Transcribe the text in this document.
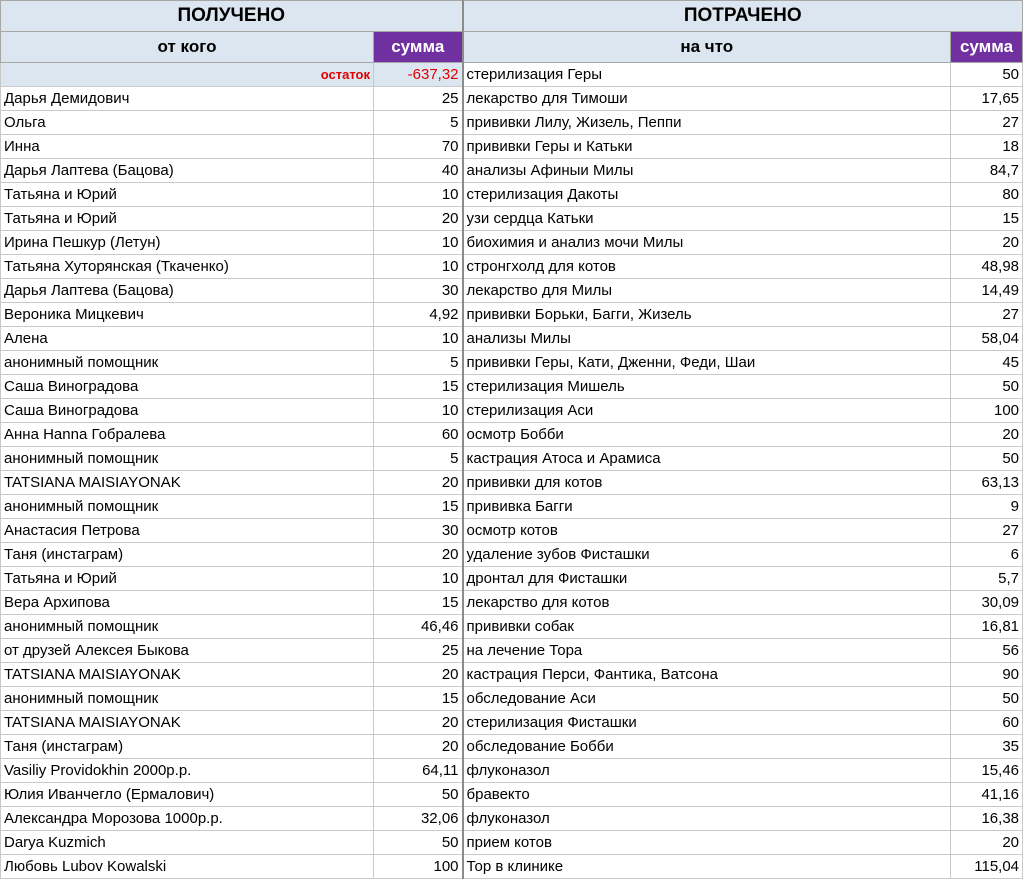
ПОЛУЧЕНО		ПОТРАЧЕНО	
от кого	сумма	на что	сумма
остаток	-637,32	стерилизация Геры	50
Дарья Демидович	25	лекарство для Тимоши	17,65
Ольга	5	прививки Лилу, Жизель, Пеппи	27
Инна	70	прививки Геры и Катьки	18
Дарья Лаптева (Бацова)	40	анализы Афиныи Милы	84,7
Татьяна и Юрий	10	стерилизация Дакоты	80
Татьяна и Юрий	20	узи сердца Катьки	15
Ирина Пешкур (Летун)	10	биохимия и анализ мочи Милы	20
Татьяна Хуторянская (Ткаченко)	10	стронгхолд для котов	48,98
Дарья Лаптева (Бацова)	30	лекарство для Милы	14,49
Вероника Мицкевич	4,92	прививки Борьки, Багги, Жизель	27
Алена	10	анализы Милы	58,04
анонимный помощник	5	прививки Геры, Кати, Дженни, Феди, Шаи	45
Саша Виноградова	15	стерилизация Мишель	50
Саша Виноградова	10	стерилизация Аси	100
Анна Hanna Гобралева	60	осмотр Бобби	20
анонимный помощник	5	кастрация Атоса и Арамиса	50
TATSIANA MAISIAYONAK	20	прививки для котов	63,13
анонимный помощник	15	прививка Багги	9
Анастасия Петрова	30	осмотр котов	27
Таня (инстаграм)	20	удаление зубов Фисташки	6
Татьяна и Юрий	10	дронтал для Фисташки	5,7
Вера Архипова	15	лекарство для котов	30,09
анонимный помощник	46,46	прививки собак	16,81
от друзей Алексея Быкова	25	на лечение Тора	56
TATSIANA MAISIAYONAK	20	кастрация Перси, Фантика, Ватсона	90
анонимный помощник	15	обследование Аси	50
TATSIANA MAISIAYONAK	20	стерилизация Фисташки	60
Таня (инстаграм)	20	обследование Бобби	35
Vasiliy Providokhin 2000р.р.	64,11	флуконазол	15,46
Юлия Иванчегло (Ермалович)	50	бравекто	41,16
Александра Морозова 1000р.р.	32,06	флуконазол	16,38
Darya Kuzmich	50	прием котов	20
Любовь Lubov Kowalski	100	Тор в клинике	115,04
